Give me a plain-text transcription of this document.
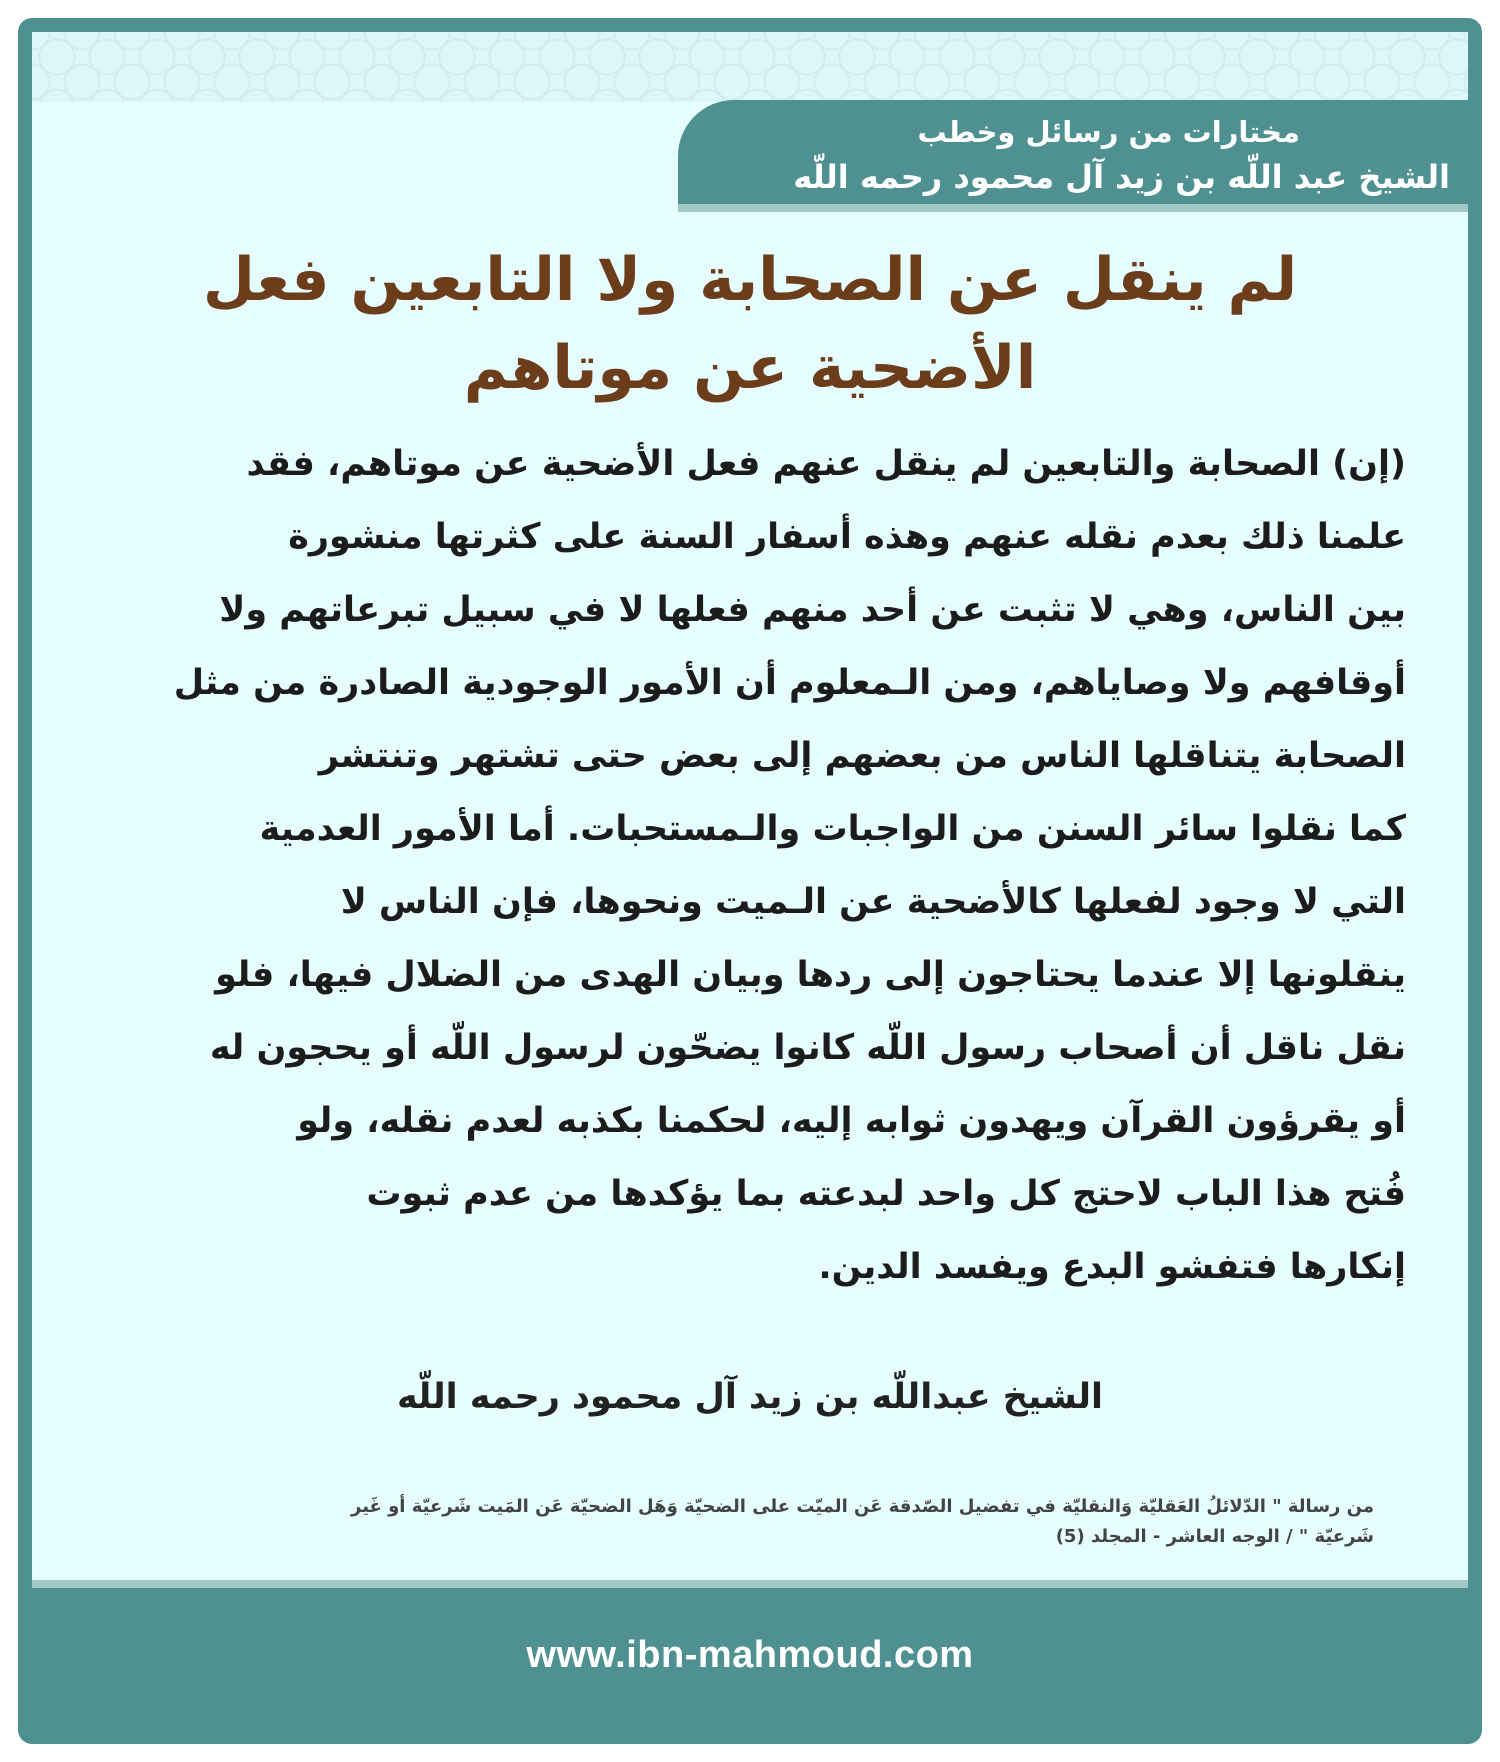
مختارات من رسائل وخطب
الشيخ عبد اللّه بن زيد آل محمود رحمه اللّه
لم ينقل عن الصحابة ولا التابعين فعل
الأضحية عن موتاهم
(إن) الصحابة والتابعين لم ينقل عنهم فعل الأضحية عن موتاهم، فقد
علمنا ذلك بعدم نقله عنهم وهذه أسفار السنة على كثرتها منشورة
بين الناس، وهي لا تثبت عن أحد منهم فعلها لا في سبيل تبرعاتهم ولا
أوقافهم ولا وصاياهم، ومن الـمعلوم أن الأمور الوجودية الصادرة من مثل
الصحابة يتناقلها الناس من بعضهم إلى بعض حتى تشتهر وتنتشر
كما نقلوا سائر السنن من الواجبات والـمستحبات. أما الأمور العدمية
التي لا وجود لفعلها كالأضحية عن الـميت ونحوها، فإن الناس لا
ينقلونها إلا عندما يحتاجون إلى ردها وبيان الهدى من الضلال فيها، فلو
نقل ناقل أن أصحاب رسول اللّه كانوا يضحّون لرسول اللّه أو يحجون له
أو يقرؤون القرآن ويهدون ثوابه إليه، لحكمنا بكذبه لعدم نقله، ولو
فُتح هذا الباب لاحتج كل واحد لبدعته بما يؤكدها من عدم ثبوت
إنكارها فتفشو البدع ويفسد الدين.
الشيخ عبداللّه بن زيد آل محمود رحمه اللّه
من رسالة " الدّلائلُ العَقليّة وَالنقليّة في تفضيل الصّدقة عَن الميّت على الضحيّة وَهَل الضحيّة عَن المَيت شَرعيّة أو غَير
شَرعيّة " / الوجه العاشر - المجلد (5)
www.ibn-mahmoud.com
